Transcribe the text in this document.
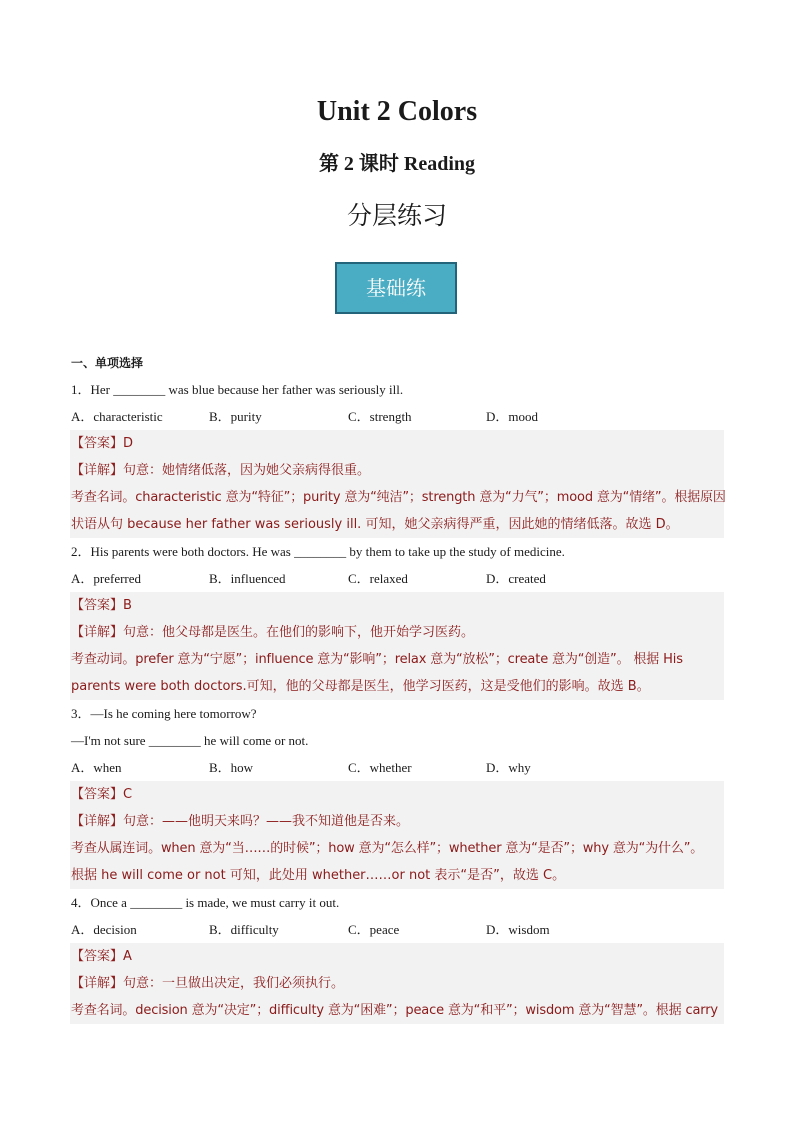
Unit 2 Colors
第 2 课时 Reading
分层练习
基础练
一、单项选择
1．Her ________ was blue because her father was seriously ill.
A．characteristic	B．purity	C．strength	D．mood
【答案】D
【详解】句意：她情绪低落，因为她父亲病得很重。
考查名词。characteristic 意为“特征”；purity 意为“纯洁”；strength 意为“力气”；mood 意为“情绪”。根据原因
状语从句 because her father was seriously ill. 可知，她父亲病得严重，因此她的情绪低落。故选 D。
2．His parents were both doctors. He was ________ by them to take up the study of medicine.
A．preferred	B．influenced	C．relaxed	D．created
【答案】B
【详解】句意：他父母都是医生。在他们的影响下，他开始学习医药。
考查动词。prefer 意为“宁愿”；influence 意为“影响”；relax 意为“放松”；create 意为“创造”。 根据 His
parents were both doctors.可知，他的父母都是医生，他学习医药，这是受他们的影响。故选 B。
3．—Is he coming here tomorrow?
—I'm not sure ________ he will come or not.
A．when	B．how	C．whether	D．why
【答案】C
【详解】句意：——他明天来吗？——我不知道他是否来。
考查从属连词。when 意为“当……的时候”；how 意为“怎么样”；whether 意为“是否”；why 意为“为什么”。
根据 he will come or not 可知，此处用 whether……or not 表示“是否”，故选 C。
4．Once a ________ is made, we must carry it out.
A．decision	B．difficulty	C．peace	D．wisdom
【答案】A
【详解】句意：一旦做出决定，我们必须执行。
考查名词。decision 意为“决定”；difficulty 意为“困难”；peace 意为“和平”；wisdom 意为“智慧”。根据 carry
